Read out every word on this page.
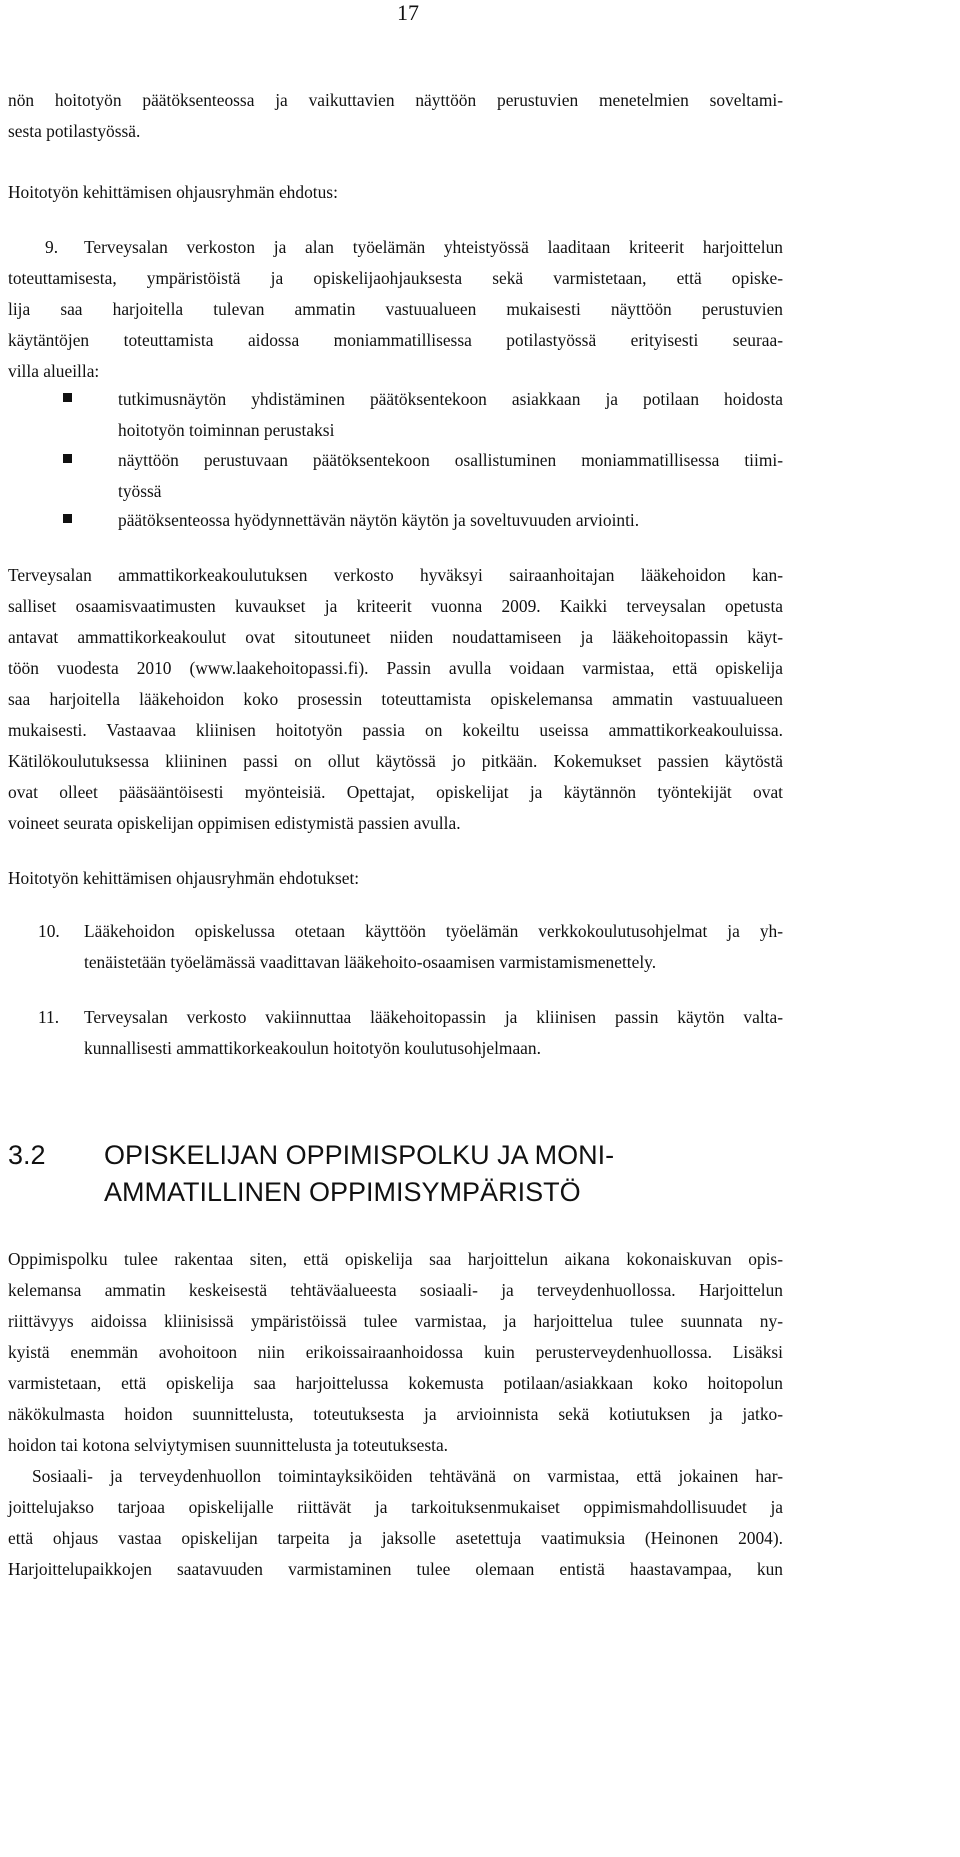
17
nön hoitotyön päätöksenteossa ja vaikuttavien näyttöön perustuvien menetelmien soveltami-
sesta potilastyössä.
Hoitotyön kehittämisen ohjausryhmän ehdotus:
9.	Terveysalan verkoston ja alan työelämän yhteistyössä laaditaan kriteerit harjoittelun
toteuttamisesta, ympäristöistä ja opiskelijaohjauksesta sekä varmistetaan, että opiske-
lija saa harjoitella tulevan ammatin vastuualueen mukaisesti näyttöön perustuvien
käytäntöjen toteuttamista aidossa moniammatillisessa potilastyössä erityisesti seuraa-
villa alueilla:
tutkimusnäytön yhdistäminen päätöksentekoon asiakkaan ja potilaan hoidosta
hoitotyön toiminnan perustaksi
näyttöön perustuvaan päätöksentekoon osallistuminen moniammatillisessa tiimi-
työssä
päätöksenteossa hyödynnettävän näytön käytön ja soveltuvuuden arviointi.
Terveysalan ammattikorkeakoulutuksen verkosto hyväksyi sairaanhoitajan lääkehoidon kan-
salliset osaamisvaatimusten kuvaukset ja kriteerit vuonna 2009. Kaikki terveysalan opetusta
antavat ammattikorkeakoulut ovat sitoutuneet niiden noudattamiseen ja lääkehoitopassin käyt-
töön vuodesta 2010 (www.laakehoitopassi.fi). Passin avulla voidaan varmistaa, että opiskelija
saa harjoitella lääkehoidon koko prosessin toteuttamista opiskelemansa ammatin vastuualueen
mukaisesti. Vastaavaa kliinisen hoitotyön passia on kokeiltu useissa ammattikorkeakouluissa.
Kätilökoulutuksessa kliininen passi on ollut käytössä jo pitkään. Kokemukset passien käytöstä
ovat olleet pääsääntöisesti myönteisiä. Opettajat, opiskelijat ja käytännön työntekijät ovat
voineet seurata opiskelijan oppimisen edistymistä passien avulla.
Hoitotyön kehittämisen ohjausryhmän ehdotukset:
10.	Lääkehoidon opiskelussa otetaan käyttöön työelämän verkkokoulutusohjelmat ja yh-
tenäistetään työelämässä vaadittavan lääkehoito-osaamisen varmistamismenettely.
11.	Terveysalan verkosto vakiinnuttaa lääkehoitopassin ja kliinisen passin käytön valta-
kunnallisesti ammattikorkeakoulun hoitotyön koulutusohjelmaan.
3.2 OPISKELIJAN OPPIMISPOLKU JA MONI-
AMMATILLINEN OPPIMISYMPÄRISTÖ
Oppimispolku tulee rakentaa siten, että opiskelija saa harjoittelun aikana kokonaiskuvan opis-
kelemansa ammatin keskeisestä tehtäväalueesta sosiaali- ja terveydenhuollossa. Harjoittelun
riittävyys aidoissa kliinisissä ympäristöissä tulee varmistaa, ja harjoittelua tulee suunnata ny-
kyistä enemmän avohoitoon niin erikoissairaanhoidossa kuin perusterveydenhuollossa. Lisäksi
varmistetaan, että opiskelija saa harjoittelussa kokemusta potilaan/asiakkaan koko hoitopolun
näkökulmasta hoidon suunnittelusta, toteutuksesta ja arvioinnista sekä kotiutuksen ja jatko-
hoidon tai kotona selviytymisen suunnittelusta ja toteutuksesta.
Sosiaali- ja terveydenhuollon toimintayksiköiden tehtävänä on varmistaa, että jokainen har-
joittelujakso tarjoaa opiskelijalle riittävät ja tarkoituksenmukaiset oppimismahdollisuudet ja
että ohjaus vastaa opiskelijan tarpeita ja jaksolle asetettuja vaatimuksia (Heinonen 2004).
Harjoittelupaikkojen saatavuuden varmistaminen tulee olemaan entistä haastavampaa, kun
